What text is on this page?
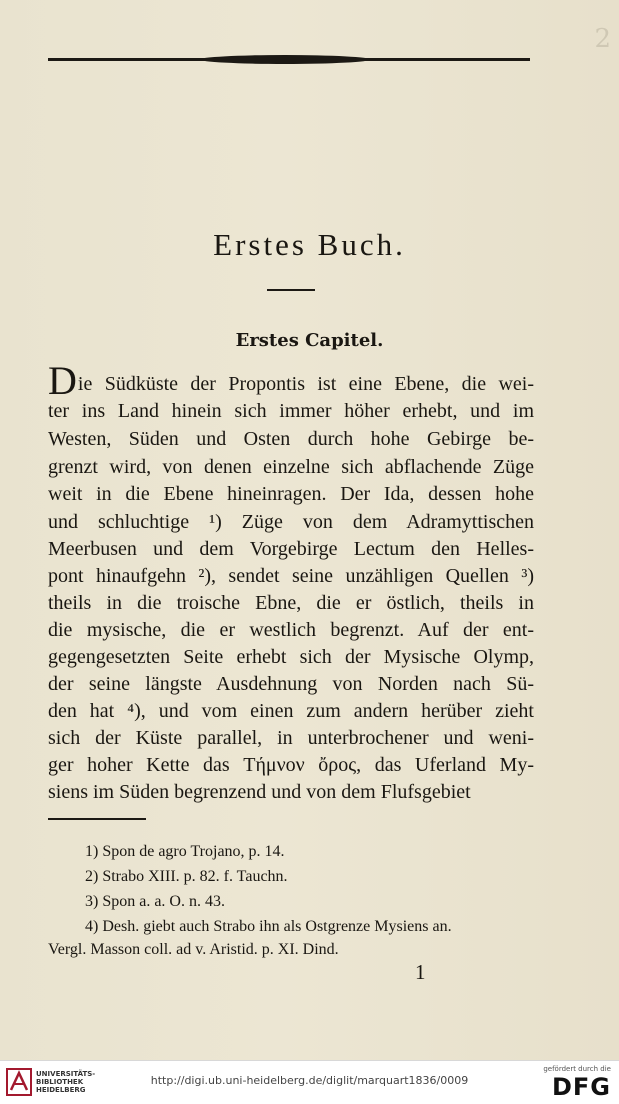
2
Erstes Buch.
Erstes Capitel.

Die Südküste der Propontis ist eine Ebene, die wei-

ter ins Land hinein sich immer höher erhebt, und im

Westen, Süden und Osten durch hohe Gebirge be-

grenzt wird, von denen einzelne sich abflachende Züge

weit in die Ebene hineinragen. Der Ida, dessen hohe

und schluchtige ¹) Züge von dem Adramyttischen

Meerbusen und dem Vorgebirge Lectum den Helles-

pont hinaufgehn ²), sendet seine unzähligen Quellen ³)

theils in die troische Ebne, die er östlich, theils in

die mysische, die er westlich begrenzt. Auf der ent-

gegengesetzten Seite erhebt sich der Mysische Olymp,

der seine längste Ausdehnung von Norden nach Sü-

den hat ⁴), und vom einen zum andern herüber zieht

sich der Küste parallel, in unterbrochener und weni-

ger hoher Kette das Τήμνον ὄρος, das Uferland My-

siens im Süden begrenzend und von dem Flufsgebiet

1) Spon de agro Trojano, p. 14.

2) Strabo XIII. p. 82. f. Tauchn.

3) Spon a. a. O. n. 43.

4) Desh. giebt auch Strabo ihn als Ostgrenze Mysiens an.

Vergl. Masson coll. ad v. Aristid. p. XI. Dind.

1
UNIVERSITÄTS-
BIBLIOTHEK
HEIDELBERG
http://digi.ub.uni-heidelberg.de/diglit/marquart1836/0009
gefördert durch die
DFG
